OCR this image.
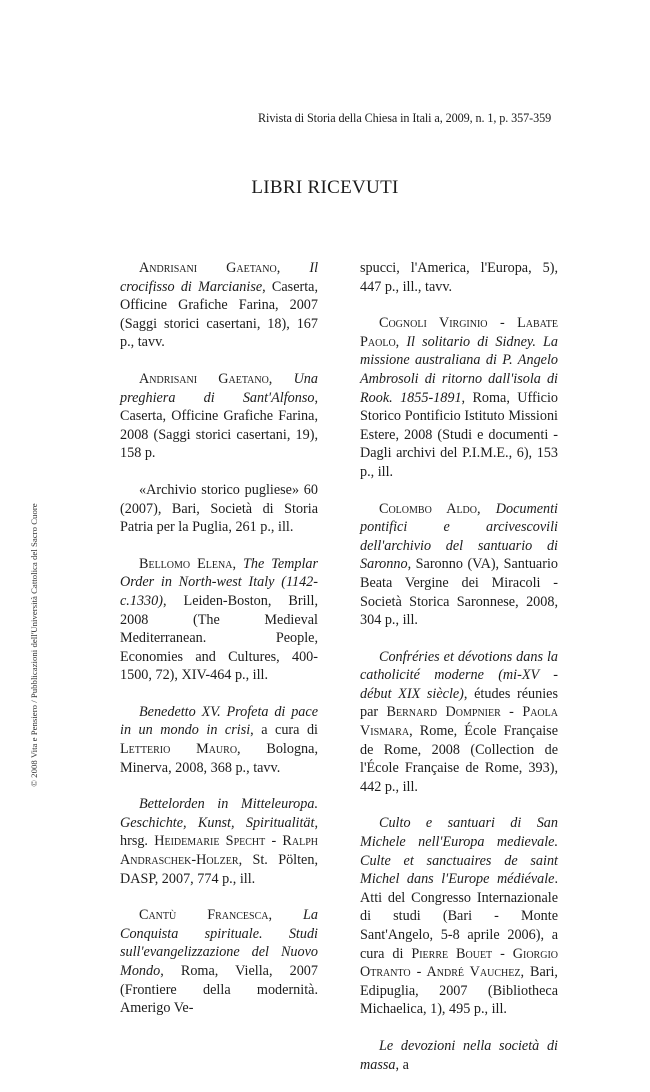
Rivista di Storia della Chiesa in Itali a, 2009, n. 1, p. 357-359
LIBRI RICEVUTI

Andrisani Gaetano, Il crocifisso di Marcianise, Caserta, Officine Grafiche Farina, 2007 (Saggi storici casertani, 18), 167 p., tavv.

Andrisani Gaetano, Una preghiera di Sant'Alfonso, Caserta, Officine Grafiche Farina, 2008 (Saggi storici casertani, 19), 158 p.

«Archivio storico pugliese» 60 (2007), Bari, Società di Storia Patria per la Puglia, 261 p., ill.

Bellomo Elena, The Templar Order in North-west Italy (1142-c.1330), Leiden-Boston, Brill, 2008 (The Medieval Mediterranean. People, Economies and Cultures, 400-1500, 72), XIV-464 p., ill.

Benedetto XV. Profeta di pace in un mondo in crisi, a cura di Letterio Mauro, Bologna, Minerva, 2008, 368 p., tavv.

Bettelorden in Mitteleuropa. Geschichte, Kunst, Spiritualität, hrsg. Heidemarie Specht - Ralph Andraschek-Holzer, St. Pölten, DASP, 2007, 774 p., ill.

Cantù Francesca, La Conquista spirituale. Studi sull'evangelizzazione del Nuovo Mondo, Roma, Viella, 2007 (Frontiere della modernità. Amerigo Ve-

spucci, l'America, l'Europa, 5), 447 p., ill., tavv.

Cognoli Virginio - Labate Paolo, Il solitario di Sidney. La missione australiana di P. Angelo Ambrosoli di ritorno dall'isola di Rook. 1855-1891, Roma, Ufficio Storico Pontificio Istituto Missioni Estere, 2008 (Studi e documenti - Dagli archivi del P.I.M.E., 6), 153 p., ill.

Colombo Aldo, Documenti pontifici e arcivescovili dell'archivio del santuario di Saronno, Saronno (VA), Santuario Beata Vergine dei Miracoli - Società Storica Saronnese, 2008, 304 p., ill.

Confréries et dévotions dans la catholicité moderne (mi-XV - début XIX siècle), études réunies par Bernard Dompnier - Paola Vismara, Rome, École Française de Rome, 2008 (Collection de l'École Française de Rome, 393), 442 p., ill.

Culto e santuari di San Michele nell'Europa medievale. Culte et sanctuaires de saint Michel dans l'Europe médiévale. Atti del Congresso Internazionale di studi (Bari - Monte Sant'Angelo, 5-8 aprile 2006), a cura di Pierre Bouet - Giorgio Otranto - André Vauchez, Bari, Edipuglia, 2007 (Bibliotheca Michaelica, 1), 495 p., ill.

Le devozioni nella società di massa, a

© 2008 Vita e Pensiero / Pubblicazioni dell'Università Cattolica del Sacro Cuore
